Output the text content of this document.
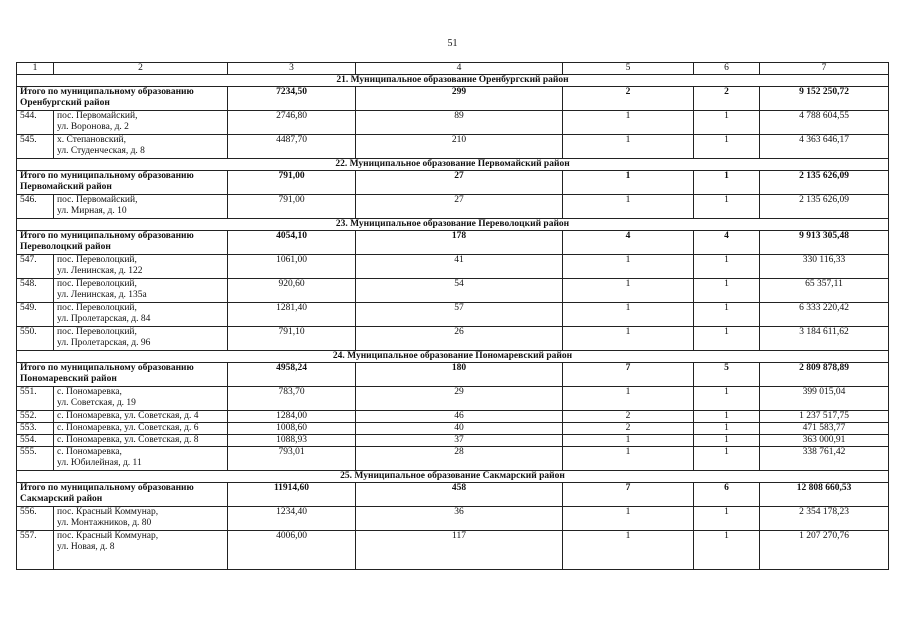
51
1	2	3	4	5	6	7
21. Муниципальное образование Оренбургский район						

Итого по муниципальному образованию
Оренбургский район		7234,50	299	2	2	9 152 250,72
544.	пос. Первомайский,
ул. Воронова, д. 2	2746,80	89	1	1	4 788 604,55
545.	х. Степановский,
ул. Студенческая, д. 8	4487,70	210	1	1	4 363 646,17
22. Муниципальное образование Первомайский район						

Итого по муниципальному образованию
Первомайский район		791,00	27	1	1	2 135 626,09
546.	пос. Первомайский,
ул. Мирная, д. 10	791,00	27	1	1	2 135 626,09
23. Муниципальное образование Переволоцкий район						

Итого по муниципальному образованию
Переволоцкий район		4054,10	178	4	4	9 913 305,48
547.	пос. Переволоцкий,
ул. Ленинская, д. 122	1061,00	41	1	1	330 116,33
548.	пос. Переволоцкий,
ул. Ленинская, д. 135а	920,60	54	1	1	65 357,11
549.	пос. Переволоцкий,
ул. Пролетарская, д. 84	1281,40	57	1	1	6 333 220,42
550.	пос. Переволоцкий,
ул. Пролетарская, д. 96	791,10	26	1	1	3 184 611,62
24. Муниципальное образование Пономаревский район						

Итого по муниципальному образованию
Пономаревский район		4958,24	180	7	5	2 809 878,89
551.	с. Пономаревка,
ул. Советская, д. 19	783,70	29	1	1	399 015,04
552.	с. Пономаревка, ул. Советская, д. 4	1284,00	46	2	1	1 237 517,75
553.	с. Пономаревка, ул. Советская, д. 6	1008,60	40	2	1	471 583,77
554.	с. Пономаревка, ул. Советская, д. 8	1088,93	37	1	1	363 000,91
555.	с. Пономаревка,
ул. Юбилейная, д. 11	793,01	28	1	1	338 761,42
25. Муниципальное образование Сакмарский район						

Итого по муниципальному образованию
Сакмарский район		11914,60	458	7	6	12 808 660,53
556.	пос. Красный Коммунар,
ул. Монтажников, д. 80	1234,40	36	1	1	2 354 178,23
557.	пос. Красный Коммунар,
ул. Новая, д. 8	4006,00	117	1	1	1 207 270,76
